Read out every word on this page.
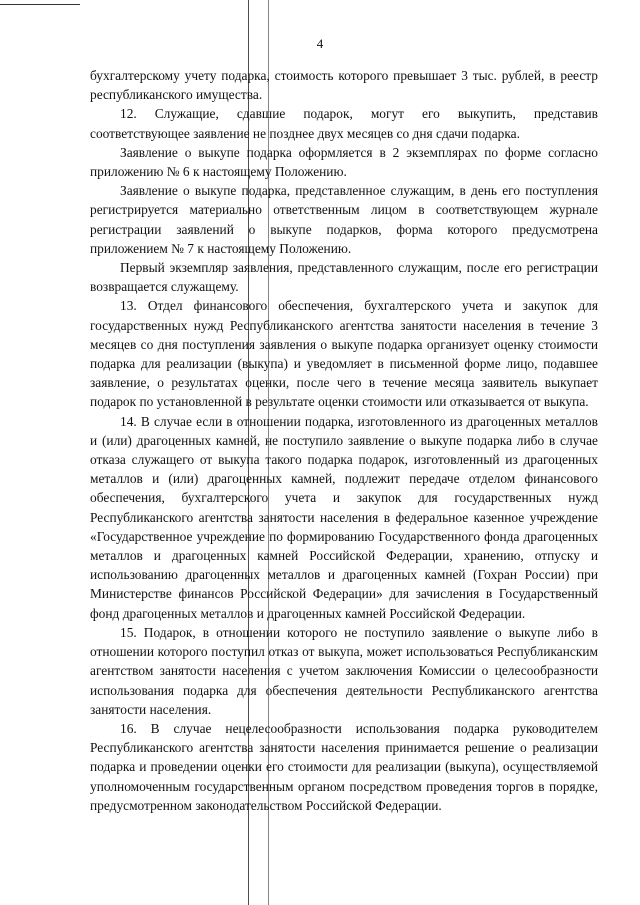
4

бухгалтерскому учету подарка, стоимость которого превышает 3 тыс. рублей, в реестр республиканского имущества.

12. Служащие, сдавшие подарок, могут его выкупить, представив соответствующее заявление не позднее двух месяцев со дня сдачи подарка.

Заявление о выкупе подарка оформляется в 2 экземплярах по форме согласно приложению № 6 к настоящему Положению.

Заявление о выкупе подарка, представленное служащим, в день его поступления регистрируется материально ответственным лицом в соответствующем журнале регистрации заявлений о выкупе подарков, форма которого предусмотрена приложением № 7 к настоящему Положению.

Первый экземпляр заявления, представленного служащим, после его регистрации возвращается служащему.

13. Отдел финансового обеспечения, бухгалтерского учета и закупок для государственных нужд Республиканского агентства занятости населения в течение 3 месяцев со дня поступления заявления о выкупе подарка организует оценку стоимости подарка для реализации (выкупа) и уведомляет в письменной форме лицо, подавшее заявление, о результатах оценки, после чего в течение месяца заявитель выкупает подарок по установленной в результате оценки стоимости или отказывается от выкупа.

14. В случае если в отношении подарка, изготовленного из драгоценных металлов и (или) драгоценных камней, не поступило заявление о выкупе подарка либо в случае отказа служащего от выкупа такого подарка подарок, изготовленный из драгоценных металлов и (или) драгоценных камней, подлежит передаче отделом финансового обеспечения, бухгалтерского учета и закупок для государственных нужд Республиканского агентства занятости населения в федеральное казенное учреждение «Государственное учреждение по формированию Государственного фонда драгоценных металлов и драгоценных камней Российской Федерации, хранению, отпуску и использованию драгоценных металлов и драгоценных камней (Гохран России) при Министерстве финансов Российской Федерации» для зачисления в Государственный фонд драгоценных металлов и драгоценных камней Российской Федерации.

15. Подарок, в отношении которого не поступило заявление о выкупе либо в отношении которого поступил отказ от выкупа, может использоваться Республиканским агентством занятости населения с учетом заключения Комиссии о целесообразности использования подарка для обеспечения деятельности Республиканского агентства занятости населения.

16. В случае нецелесообразности использования подарка руководителем Республиканского агентства занятости населения принимается решение о реализации подарка и проведении оценки его стоимости для реализации (выкупа), осуществляемой уполномоченным государственным органом посредством проведения торгов в порядке, предусмотренном законодательством Российской Федерации.
